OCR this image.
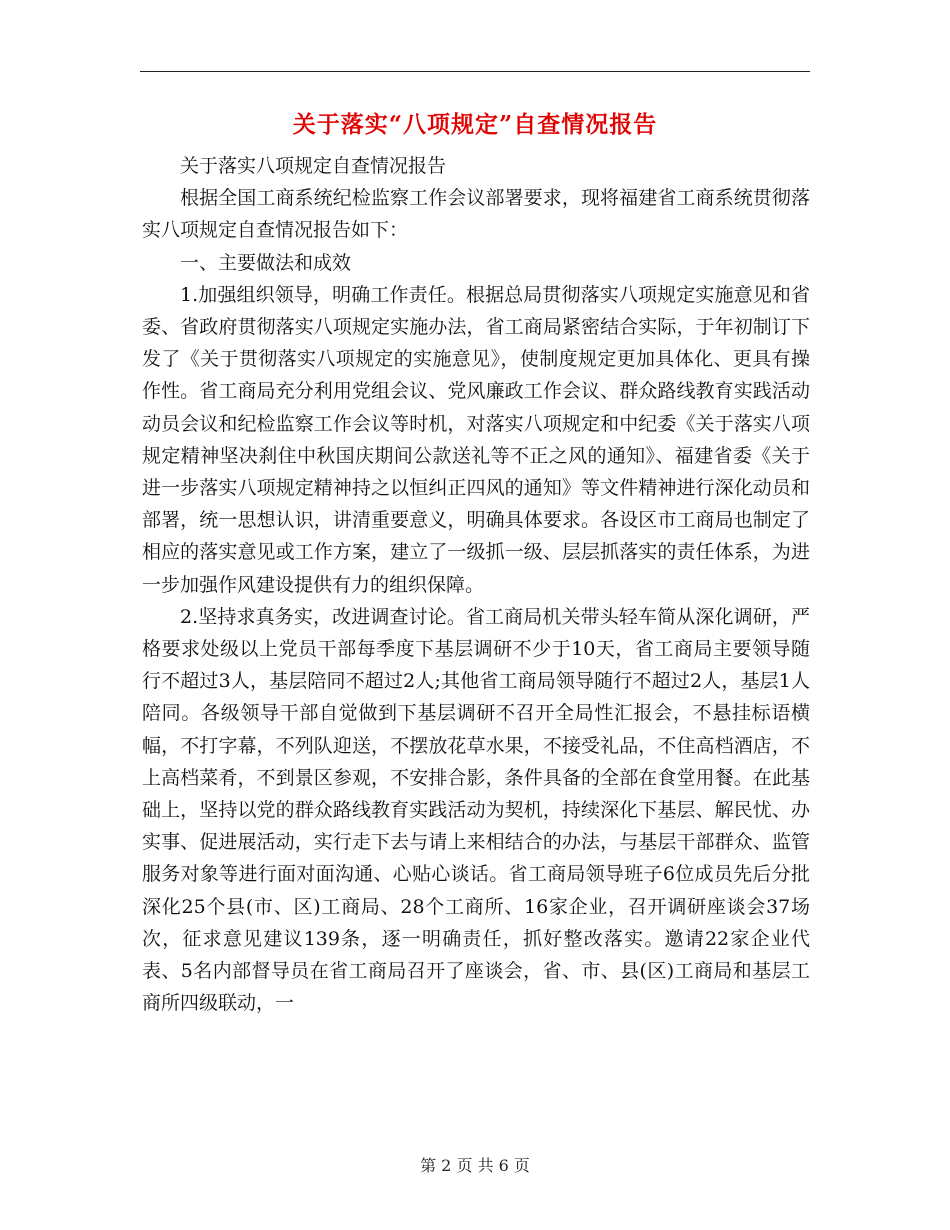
关于落实“八项规定”自查情况报告

关于落实八项规定自查情况报告

根据全国工商系统纪检监察工作会议部署要求，现将福建省工商系统贯彻落实八项规定自查情况报告如下：

一、主要做法和成效

1.加强组织领导，明确工作责任。根据总局贯彻落实八项规定实施意见和省委、省政府贯彻落实八项规定实施办法，省工商局紧密结合实际，于年初制订下发了《关于贯彻落实八项规定的实施意见》，使制度规定更加具体化、更具有操作性。省工商局充分利用党组会议、党风廉政工作会议、群众路线教育实践活动动员会议和纪检监察工作会议等时机，对落实八项规定和中纪委《关于落实八项规定精神坚决刹住中秋国庆期间公款送礼等不正之风的通知》、福建省委《关于进一步落实八项规定精神持之以恒纠正四风的通知》等文件精神进行深化动员和部署，统一思想认识，讲清重要意义，明确具体要求。各设区市工商局也制定了相应的落实意见或工作方案，建立了一级抓一级、层层抓落实的责任体系，为进一步加强作风建设提供有力的组织保障。

2.坚持求真务实，改进调查讨论。省工商局机关带头轻车简从深化调研，严格要求处级以上党员干部每季度下基层调研不少于10天，省工商局主要领导随行不超过3人，基层陪同不超过2人;其他省工商局领导随行不超过2人，基层1人陪同。各级领导干部自觉做到下基层调研不召开全局性汇报会，不悬挂标语横幅，不打字幕，不列队迎送，不摆放花草水果，不接受礼品，不住高档酒店，不上高档菜肴，不到景区参观，不安排合影，条件具备的全部在食堂用餐。在此基础上，坚持以党的群众路线教育实践活动为契机，持续深化下基层、解民忧、办实事、促进展活动，实行走下去与请上来相结合的办法，与基层干部群众、监管服务对象等进行面对面沟通、心贴心谈话。省工商局领导班子6位成员先后分批深化25个县(市、区)工商局、28个工商所、16家企业，召开调研座谈会37场次，征求意见建议139条，逐一明确责任，抓好整改落实。邀请22家企业代表、5名内部督导员在省工商局召开了座谈会，省、市、县(区)工商局和基层工商所四级联动，一

第 2 页 共 6 页
